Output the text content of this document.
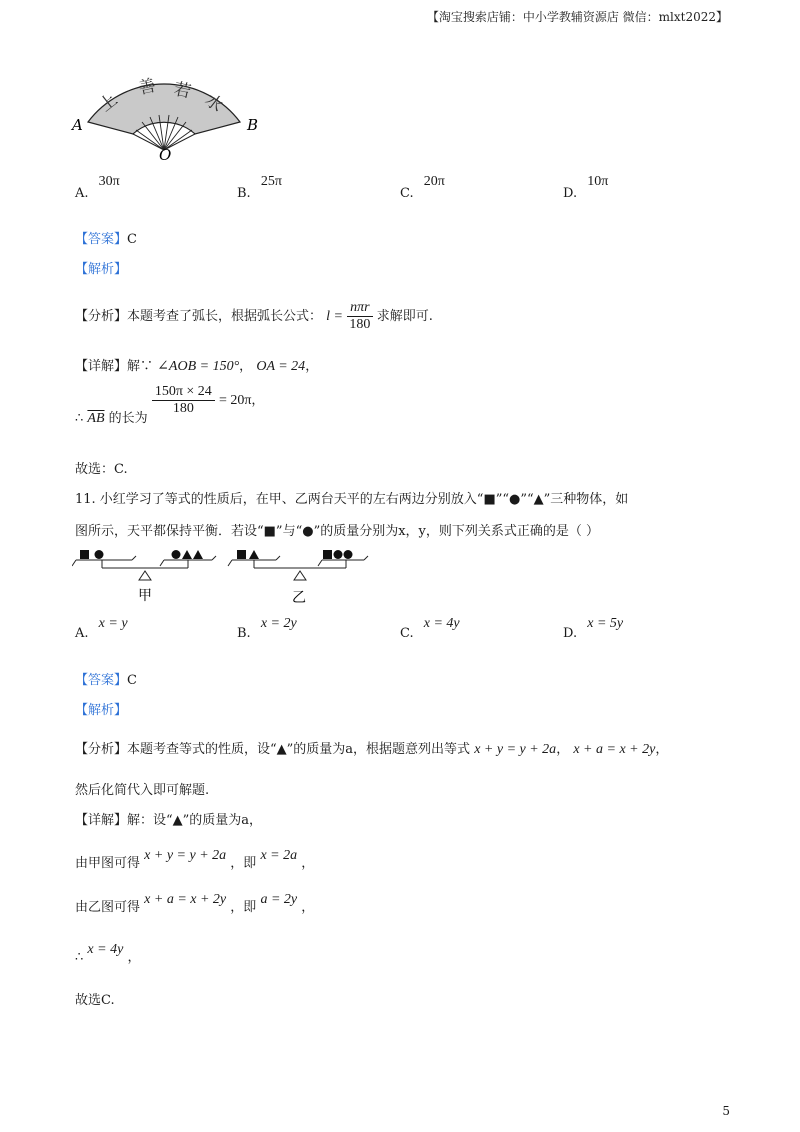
【淘宝搜索店铺：中小学教辅资源店 微信：mlxt2022】
上
善 若 水
A	B
O
A. 30π
B. 25π
C. 20π
D. 10π
【答案】C
【解析】
【分析】本题考查了弧长，根据弧长公式： $l = \frac{\text{nπr}}{180}$ 求解即可.
【详解】解∵ ∠AOB = 150°， OA = 24，
∴ $\overline{AB}$ 的长为
$\frac{150\pi \times 24}{180} = 20\pi$，
故选：C.
11. 小红学习了等式的性质后，在甲、乙两台天平的左右两边分别放入“■”“●”“▲”三种物体，如
图所示，天平都保持平衡．若设“■”与“●”的质量分别为x，y，则下列关系式正确的是（ ）
甲	乙
A. x = y
B. x = 2y
C. x = 4y
D. x = 5y
【答案】C
【解析】
【分析】本题考查等式的性质，设“▲”的质量为a，根据题意列出等式 x + y = y + 2a， x + a = x + 2y，
然后化简代入即可解题.
【详解】解：设“▲”的质量为a，
由甲图可得 x + y = y + 2a ，即 x = 2a ，
由乙图可得 x + a = x + 2y ，即 a = 2y ，
∴ x = 4y ，
故选C.
5
